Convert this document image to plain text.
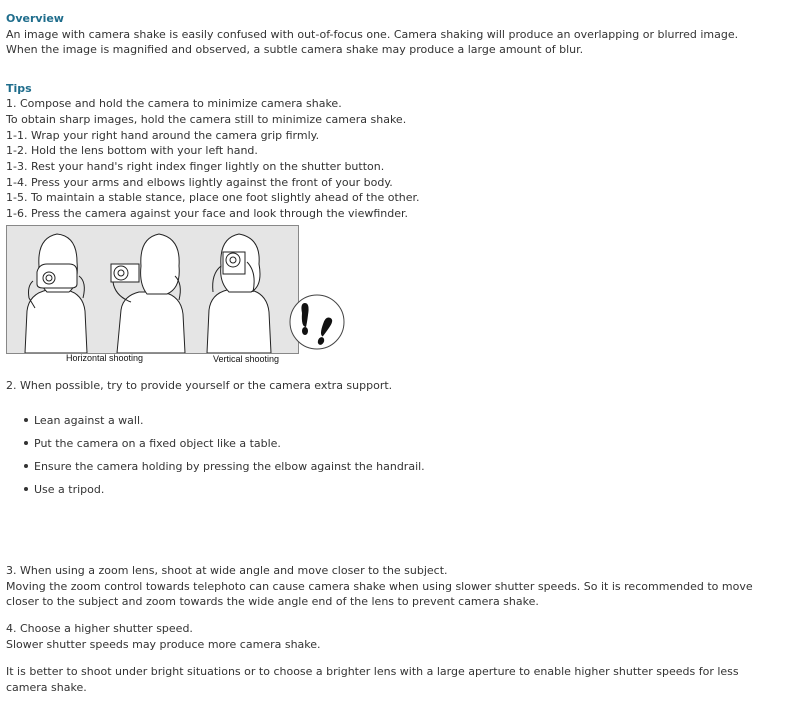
Overview

An image with camera shake is easily confused with out-of-focus one. Camera shaking will produce an overlapping or blurred image.

When the image is magnified and observed, a subtle camera shake may produce a large amount of blur.

Tips

1. Compose and hold the camera to minimize camera shake.

To obtain sharp images, hold the camera still to minimize camera shake.

1-1. Wrap your right hand around the camera grip firmly.

1-2. Hold the lens bottom with your left hand.

1-3. Rest your hand's right index finger lightly on the shutter button.

1-4. Press your arms and elbows lightly against the front of your body.

1-5. To maintain a stable stance, place one foot slightly ahead of the other.

1-6. Press the camera against your face and look through the viewfinder.

Horizontal shooting	Vertical shooting

2. When possible, try to provide yourself or the camera extra support.

Lean against a wall.
Put the camera on a fixed object like a table.
Ensure the camera holding by pressing the elbow against the handrail.
Use a tripod.

3. When using a zoom lens, shoot at wide angle and move closer to the subject.

Moving the zoom control towards telephoto can cause camera shake when using slower shutter speeds. So it is recommended to move

closer to the subject and zoom towards the wide angle end of the lens to prevent camera shake.

4. Choose a higher shutter speed.

Slower shutter speeds may produce more camera shake.

It is better to shoot under bright situations or to choose a brighter lens with a large aperture to enable higher shutter speeds for less

camera shake.
